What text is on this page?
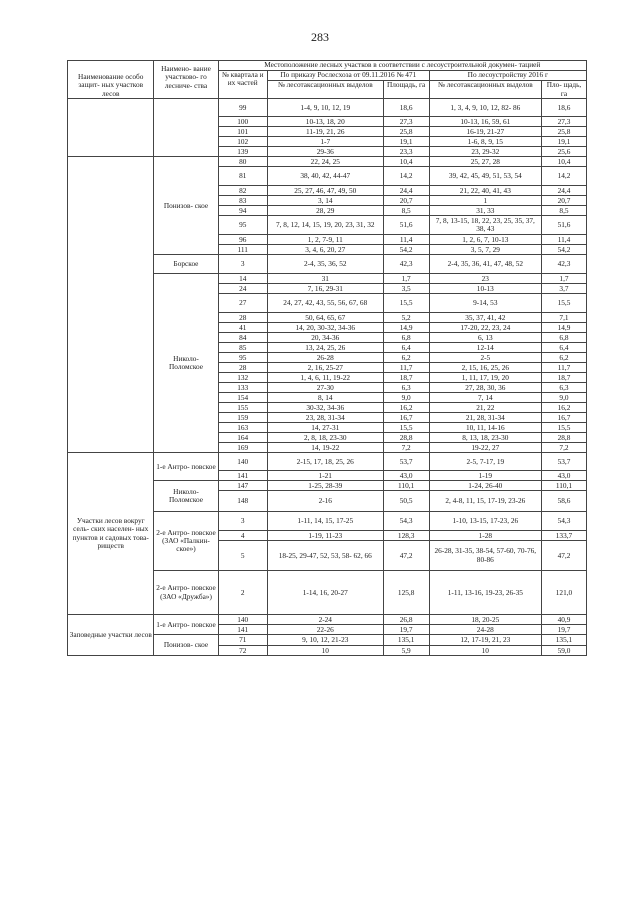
283
Наименование особо защит- ных участков лесов	Наимено- вание участково- го лесниче- ства	Местоположение лесных участков в соответствии с лесоустроительной докумен- тацией				
		№ квартала и их частей	По приказу Рослесхоза от 09.11.2016 № 471		По лесоустройству 2016 г	
			№ лесотаксационных выделов	Площадь, га	№ лесотаксационных выделов	Пло- щадь, га
		99	1-4, 9, 10, 12, 19	18,6	1, 3, 4, 9, 10, 12, 82- 86	18,6
		100	10-13, 18, 20	27,3	10-13, 16, 59, 61	27,3
		101	11-19, 21, 26	25,8	16-19, 21-27	25,8
		102	1-7	19,1	1-6, 8, 9, 15	19,1
		139	29-36	23,3	23, 29-32	25,6
	Понизов- ское	80	22, 24, 25	10,4	25, 27, 28	10,4
		81	38, 40, 42, 44-47	14,2	39, 42, 45, 49, 51, 53, 54	14,2
		82	25, 27, 46, 47, 49, 50	24,4	21, 22, 40, 41, 43	24,4
		83	3, 14	20,7	1	20,7
		94	28, 29	8,5	31, 33	8,5
		95	7, 8, 12, 14, 15, 19, 20, 23, 31, 32	51,6	7, 8, 13-15, 18, 22, 23, 25, 35, 37, 38, 43	51,6
		96	1, 2, 7-9, 11	11,4	1, 2, 6, 7, 10-13	11,4
		111	3, 4, 6, 20, 27	54,2	3, 5, 7, 29	54,2
	Борское	3	2-4, 35, 36, 52	42,3	2-4, 35, 36, 41, 47, 48, 52	42,3
	Николо- Поломское	14	31	1,7	23	1,7
		24	7, 16, 29-31	3,5	10-13	3,7
		27	24, 27, 42, 43, 55, 56, 67, 68	15,5	9-14, 53	15,5
		28	50, 64, 65, 67	5,2	35, 37, 41, 42	7,1
		41	14, 20, 30-32, 34-36	14,9	17-20, 22, 23, 24	14,9
		84	20, 34-36	6,8	6, 13	6,8
		85	13, 24, 25, 26	6,4	12-14	6,4
		95	26-28	6,2	2-5	6,2
		28	2, 16, 25-27	11,7	2, 15, 16, 25, 26	11,7
		132	1, 4, 6, 11, 19-22	18,7	1, 11, 17, 19, 20	18,7
		133	27-30	6,3	27, 28, 30, 36	6,3
		154	8, 14	9,0	7, 14	9,0
		155	30-32, 34-36	16,2	21, 22	16,2
		159	23, 28, 31-34	16,7	21, 28, 31-34	16,7
		163	14, 27-31	15,5	10, 11, 14-16	15,5
		164	2, 8, 18, 23-30	28,8	8, 13, 18, 23-30	28,8
		169	14, 19-22	7,2	19-22, 27	7,2
Участки лесов вокруг сель- ских населен- ных пунктов и садовых това- риществ	1-е Антро- повское	140	2-15, 17, 18, 25, 26	53,7	2-5, 7-17, 19	53,7
		141	1-21	43,0	1-19	43,0
	Николо- Поломское	147	1-25, 28-39	110,1	1-24, 26-40	110,1
		148	2-16	50,5	2, 4-8, 11, 15, 17-19, 23-26	58,6
	2-е Антро- повское (ЗАО «Палкин- ское»)	3	1-11, 14, 15, 17-25	54,3	1-10, 13-15, 17-23, 26	54,3
		4	1-19, 11-23	128,3	1-28	133,7
		5	18-25, 29-47, 52, 53, 58- 62, 66	47,2	26-28, 31-35, 38-54, 57-60, 70-76, 80-86	47,2
	2-е Антро- повское (ЗАО «Дружба»)	2	1-14, 16, 20-27	125,8	1-11, 13-16, 19-23, 26-35	121,0
Заповедные участки лесов	1-е Антро- повское	140	2-24	26,8	18, 20-25	40,9
		141	22-26	19,7	24-28	19,7
	Понизов- ское	71	9, 10, 12, 21-23	135,1	12, 17-19, 21, 23	135,1
		72	10	5,9	10	59,0
